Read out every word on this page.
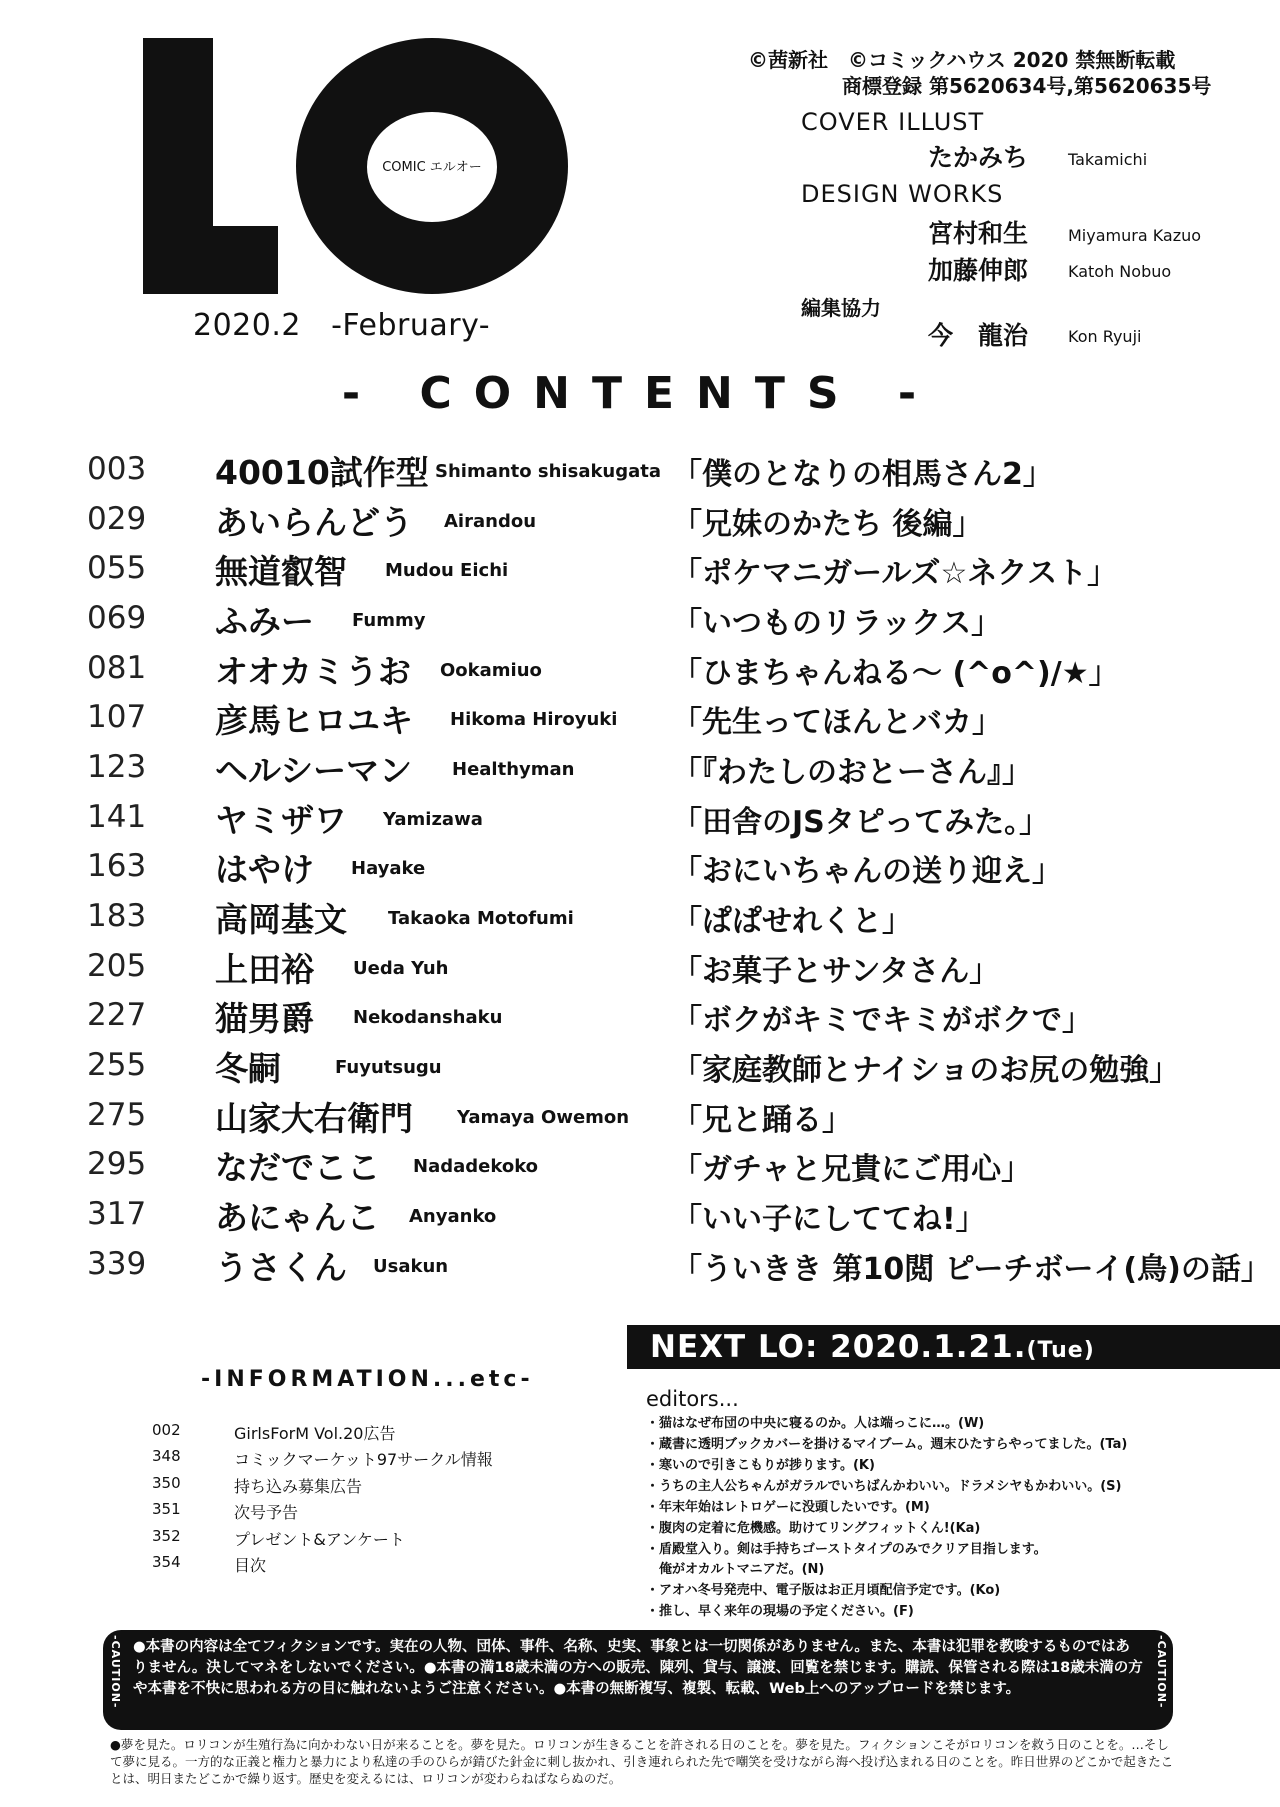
COMIC エルオー
2020.2   -February-
©茜新社　©コミックハウス 2020 禁無断転載
商標登録 第5620634号,第5620635号
COVER ILLUST
たかみち Takamichi
DESIGN WORKS
宮村和生 Miyamura Kazuo
加藤伸郎 Katoh Nobuo
編集協力
今　龍治 Kon Ryuji
- CONTENTS -
003 40010試作型 Shimanto shisakugata 「僕のとなりの相馬さん2」
029 あいらんどう Airandou	「兄妹のかたち 後編」
055 無道叡智 Mudou Eichi	「ポケマニガールズ☆ネクスト」
069 ふみー Fummy	「いつものリラックス」
081 オオカミうお Ookamiuo	「ひまちゃんねる～ (^o^)/★」
107 彦馬ヒロユキ Hikoma Hiroyuki 「先生ってほんとバカ」
123 ヘルシーマン Healthyman	「『わたしのおとーさん』」
141 ヤミザワ Yamizawa	「田舎のJSタピってみた。」
163 はやけ Hayake	「おにいちゃんの送り迎え」
183 高岡基文 Takaoka Motofumi	「ぱぱせれくと」
205 上田裕 Ueda Yuh	「お菓子とサンタさん」
227 猫男爵 Nekodanshaku	「ボクがキミでキミがボクで」
255 冬嗣	Fuyutsugu	「家庭教師とナイショのお尻の勉強」
275 山家大右衛門 Yamaya Owemon 「兄と踊る」
295 なだでここ Nadadekoko	「ガチャと兄貴にご用心」
317 あにゃんこ Anyanko	「いい子にしててね!」
339 うさくん Usakun	「ういきき 第10閲 ピーチボーイ(鳥)の話」
NEXT LO: 2020.1.21.(Tue)
-INFORMATION...etc-
002	GirlsForM Vol.20広告
348	コミックマーケット97サークル情報
350	持ち込み募集広告
351	次号予告
352	プレゼント&アンケート
354	目次
editors...
・猫はなぜ布団の中央に寝るのか。人は端っこに…。(W)
・蔵書に透明ブックカバーを掛けるマイブーム。週末ひたすらやってました。(Ta)
・寒いので引きこもりが捗ります。(K)
・うちの主人公ちゃんがガラルでいちばんかわいい。ドラメシヤもかわいい。(S)
・年末年始はレトロゲーに没頭したいです。(M)
・腹肉の定着に危機感。助けてリングフィットくん!(Ka)
・盾殿堂入り。剣は手持ちゴーストタイプのみでクリア目指します。
　俺がオカルトマニアだ。(N)
・アオハ冬号発売中、電子版はお正月頃配信予定です。(Ko)
・推し、早く来年の現場の予定ください。(F)
-CAUTION-	-CAUTION-
●本書の内容は全てフィクションです。実在の人物、団体、事件、名称、史実、事象とは一切関係がありません。また、本書は犯罪を教唆するものではありません。決してマネをしないでください。●本書の満18歳未満の方への販売、陳列、貸与、譲渡、回覧を禁じます。購読、保管される際は18歳未満の方や本書を不快に思われる方の目に触れないようご注意ください。●本書の無断複写、複製、転載、Web上へのアップロードを禁じます。
●夢を見た。ロリコンが生殖行為に向かわない日が来ることを。夢を見た。ロリコンが生きることを許される日のことを。夢を見た。フィクションこそがロリコンを救う日のことを。…そして夢に見る。一方的な正義と権力と暴力により私達の手のひらが錆びた針金に刺し抜かれ、引き連れられた先で嘲笑を受けながら海へ投げ込まれる日のことを。昨日世界のどこかで起きたことは、明日またどこかで繰り返す。歴史を変えるには、ロリコンが変わらねばならぬのだ。
